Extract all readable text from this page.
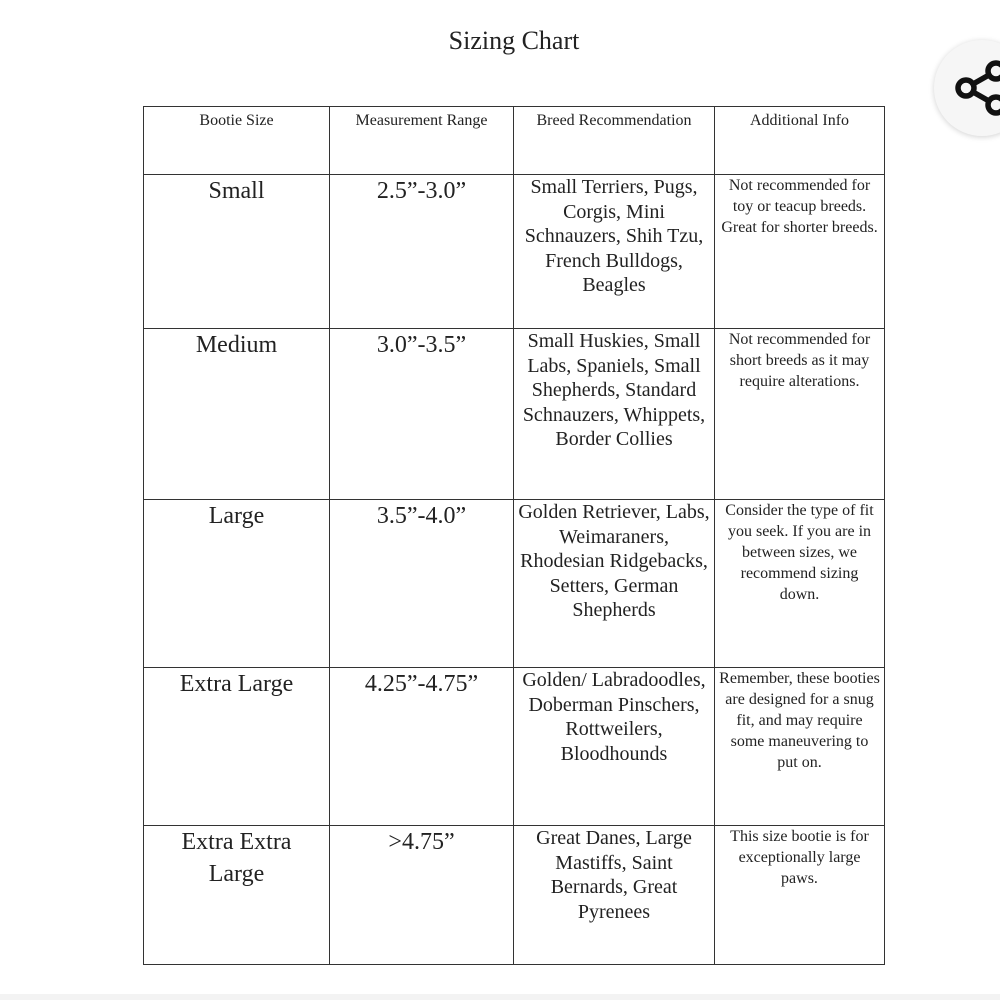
Sizing Chart
Bootie Size	Measurement Range	Breed Recommendation	Additional Info
Small	2.5”-3.0”	Small Terriers, Pugs, Corgis, Mini Schnauzers, Shih Tzu, French Bulldogs, Beagles	Not recommended for toy or teacup breeds. Great for shorter breeds.
Medium	3.0”-3.5”	Small Huskies, Small Labs, Spaniels, Small Shepherds, Standard Schnauzers, Whippets, Border Collies	Not recommended for short breeds as it may require alterations.
Large	3.5”-4.0”	Golden Retriever, Labs, Weimaraners, Rhodesian Ridgebacks, Setters, German Shepherds	Consider the type of fit you seek. If you are in between sizes, we recommend sizing down.
Extra Large	4.25”-4.75”	Golden/ Labradoodles, Doberman Pinschers, Rottweilers, Bloodhounds	Remember, these booties are designed for a snug fit, and may require some maneuvering to put on.
Extra Extra Large	>4.75”	Great Danes, Large Mastiffs, Saint Bernards, Great Pyrenees	This size bootie is for exceptionally large paws.
